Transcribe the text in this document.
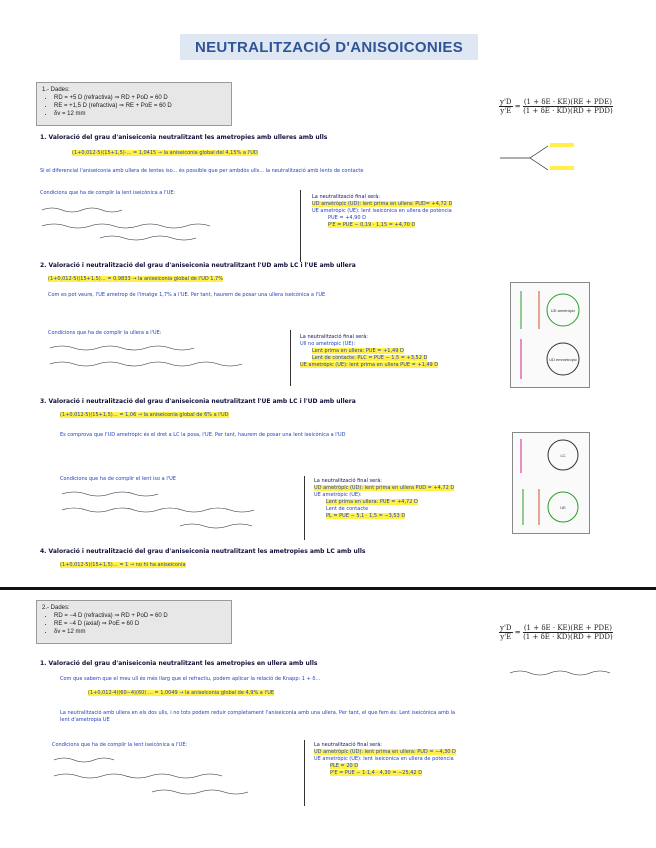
NEUTRALITZACIÓ D'ANISOICONIES
1.- Dades:
• RD = +5 D (refractiva) ⇒ RD + PoD = 60 D
• RE = +1,5 D (refractiva) ⇒ RE + PoE = 60 D
• δv = 12 mm	$\frac{y'D}{y'E} = \frac{\text{(1 + δE · KE)(RE + PDE)}}{\text{(1 + δE · KD)(RD + PDD)}}$
1. Valoració del grau d'aniseiconia neutralitzant les ametropies amb ulleres amb ulls
(1+0,012·5)(15+1,5)·… = 1,0415 → la aniseiconia global del 4,15% a l'UD
Si el diferencial l'aniseiconia amb ullera de lentes iso... és possible que per ambdós ulls... la neutralització amb lents de contacte
Condicions que ha de complir la lent iseicònica a l'UE:
La neutralització final serà:
UD ametròpic (UD): lent prima en ullera: PUD= +4,72 D
UE ametròpic (UE): lent iseicònica en ullera de potència
PUE = +4,90 D
P'E = PUE − 0,19 · 1,15 = +4,70 D
2. Valoració i neutralització del grau d'aniseiconia neutralitzant l'UD amb LC i l'UE amb ullera
(1+0,012·5)(15+1,5)… = 0,9833 → la aniseiconia global de l'UD 1,7%
Com es pot veure, l'UE ametrop de l'imatge 1,7% a l'UE. Per tant, haurem de posar una ullera iseicònica a l'UE
Condicions que ha de complir la ullera a l'UE:
La neutralització final serà:
Ull no ametròpic (UE):
Lent prima en ullera: PUE = +1,49 D
Lent de contacte: PLC = PUE − 1,5 = +3,52 D
UE ametròpic (UE): lent prima en ullera PUE = +1,49 D
UD ametròpic
UD emmetròpic
3. Valoració i neutralització del grau d'aniseiconia neutralitzant l'UE amb LC i l'UD amb ullera
(1+0,012·5)(15+1,5)… = 1,06 → la aniseiconia global de 6% a l'UD
Es comprova que l'UD ametròpic és el dret a LC la posa, l'UE. Per tant, haurem de posar una lent iseicònica a l'UD
Condicions que ha de complir el lent iso a l'UE	La neutralització final serà:
UD ametròpic (UD): lent prima en ullera PUD = +4,72 D
UE ametròpic (UE):
Lent prima en ullera: PUE = +4,72 D
Lent de contacte
PL = PUE − 5,1 · 1,5 = −3,53 D
LC
UE
4. Valoració i neutralització del grau d'aniseiconia neutralitzant les ametropies amb LC amb ulls
(1+0,012·5)(15+1,5)… = 1 → no hi ha aniseiconia
2.- Dades:
• RD = −4 D (refractiva) ⇒ RD + PoD = 60 D
• RE = −4 D (axial) ⇒ PoE = 60 D
• δv = 12 mm	$\frac{y'D}{y'E} = \frac{\text{(1 + δE · KE)(RE + PDE)}}{\text{(1 + δE · KD)(RD + PDD)}}$
1. Valoració del grau d'aniseiconia neutralitzant les ametropies en ullera amb ulls
Com que sabem que el meu ull és més llarg que el refractiu, podem aplicar la relació de Knapp: 1 + δ…
(1+0,012·4)(60−4)(60) … = 1,0049 → la aniseiconia global de 4,9% a l'UE
La neutralització amb ullera en els dos ulls, i no tots podem reduir completament l'aniseiconia amb una ullera. Per tant, el que fem és: Lent iseicònica amb la lent d'ametropia UE
Condicions que ha de complir la lent iseicònica a l'UE:	La neutralització final serà:
UD ametròpic (UD): lent prima en ullera: PUD = −4,30 D
UE ametròpic (UE): lent iseicònica en ullera de potència
PLE = 20 D
P'E = PUE − 1·1,4 · 4,30 = −25,42 D
